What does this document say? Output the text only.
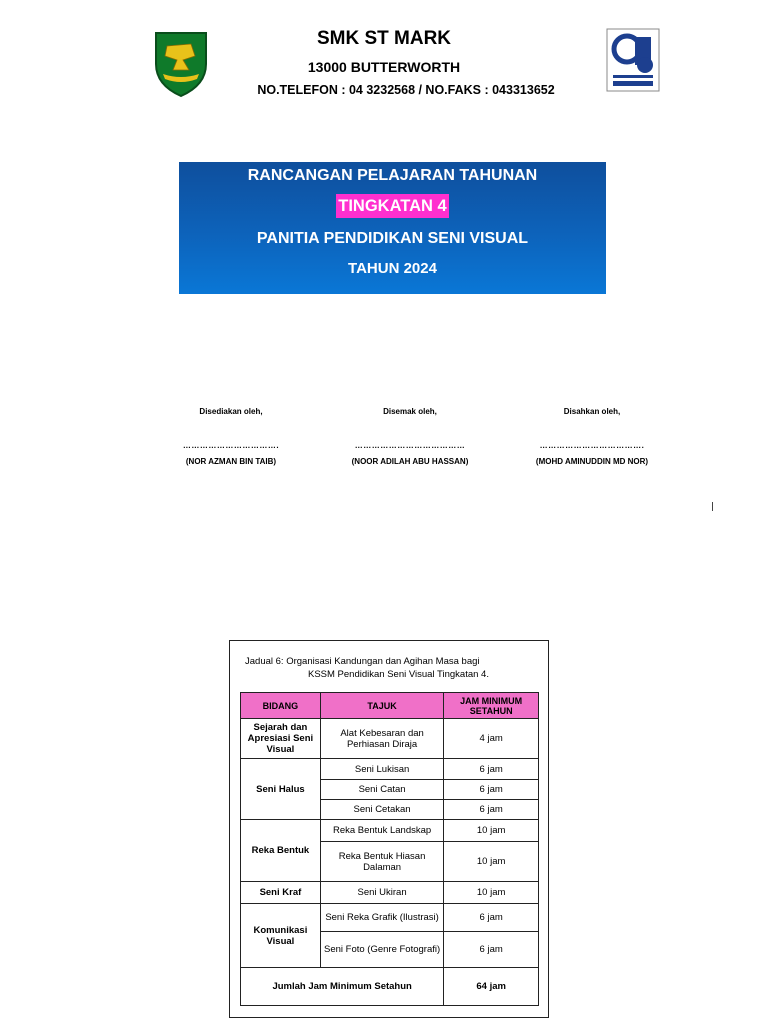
SMK ST MARK
13000 BUTTERWORTH
NO.TELEFON : 04 3232568 / NO.FAKS : 043313652
RANCANGAN PELAJARAN TAHUNAN
TINGKATAN 4
PANITIA PENDIDIKAN SENI VISUAL
TAHUN 2024
Disediakan oleh,
…………………………….
(NOR AZMAN BIN TAIB)
Disemak oleh,
…………………………………
(NOOR ADILAH ABU HASSAN)
Disahkan oleh,
……………………………….
(MOHD AMINUDDIN MD NOR)
Jadual 6: Organisasi Kandungan dan Agihan Masa bagi
KSSM Pendidikan Seni Visual Tingkatan 4.
BIDANG	TAJUK	JAM MINIMUM SETAHUN
Sejarah dan Apresiasi Seni Visual	Alat Kebesaran dan Perhiasan Diraja	4 jam
Seni Halus	Seni Lukisan	6 jam
	Seni Catan	6 jam
	Seni Cetakan	6 jam
Reka Bentuk	Reka Bentuk Landskap	10 jam
	Reka Bentuk Hiasan Dalaman	10 jam
Seni Kraf	Seni Ukiran	10 jam
Komunikasi Visual	Seni Reka Grafik (Ilustrasi)	6 jam
	Seni Foto (Genre Fotografi)	6 jam
Jumlah Jam Minimum Setahun		64 jam
